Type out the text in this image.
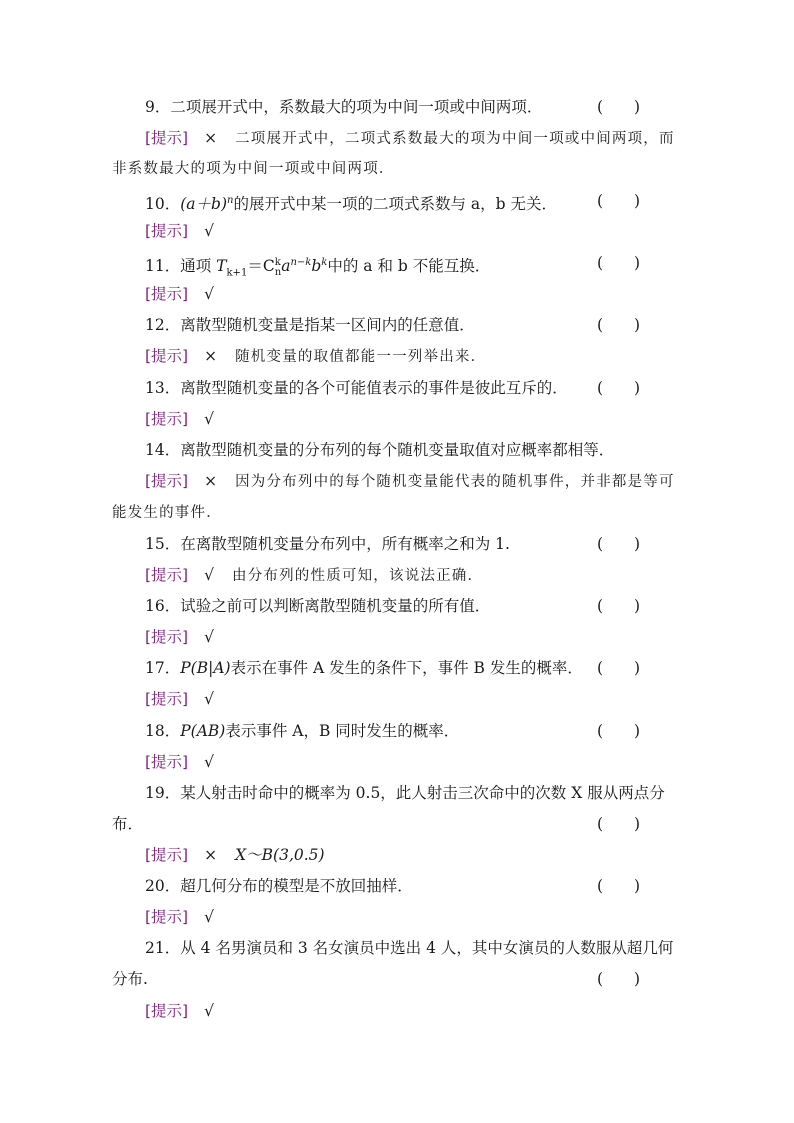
9．二项展开式中，系数最大的项为中间一项或中间两项．	(　　)
[提示] × 二项展开式中，二项式系数最大的项为中间一项或中间两项，而
非系数最大的项为中间一项或中间两项．
10．$(a+b)^n$的展开式中某一项的二项式系数与 a，b 无关．	(　　)
[提示] √
11．通项 $T_{k+1}=C^k_na^{n-k}b^k$中的 a 和 b 不能互换．	(　　)
[提示] √
12．离散型随机变量是指某一区间内的任意值．	(　　)
[提示] × 随机变量的取值都能一一列举出来．
13．离散型随机变量的各个可能值表示的事件是彼此互斥的．	(　　)
[提示] √
14．离散型随机变量的分布列的每个随机变量取值对应概率都相等．
[提示] × 因为分布列中的每个随机变量能代表的随机事件，并非都是等可
能发生的事件．
15．在离散型随机变量分布列中，所有概率之和为 1.	(　　)
[提示] √ 由分布列的性质可知，该说法正确．
16．试验之前可以判断离散型随机变量的所有值．	(　　)
[提示] √
17．P(B|A)表示在事件 A 发生的条件下，事件 B 发生的概率． (　　)
[提示] √
18．P(AB)表示事件 A，B 同时发生的概率．	(　　)
[提示] √
19．某人射击时命中的概率为 0.5，此人射击三次命中的次数 X 服从两点分
布．	(　　)
[提示] × X～B(3,0.5)
20．超几何分布的模型是不放回抽样．	(　　)
[提示] √
21．从 4 名男演员和 3 名女演员中选出 4 人，其中女演员的人数服从超几何
分布.	(　　)
[提示] √
